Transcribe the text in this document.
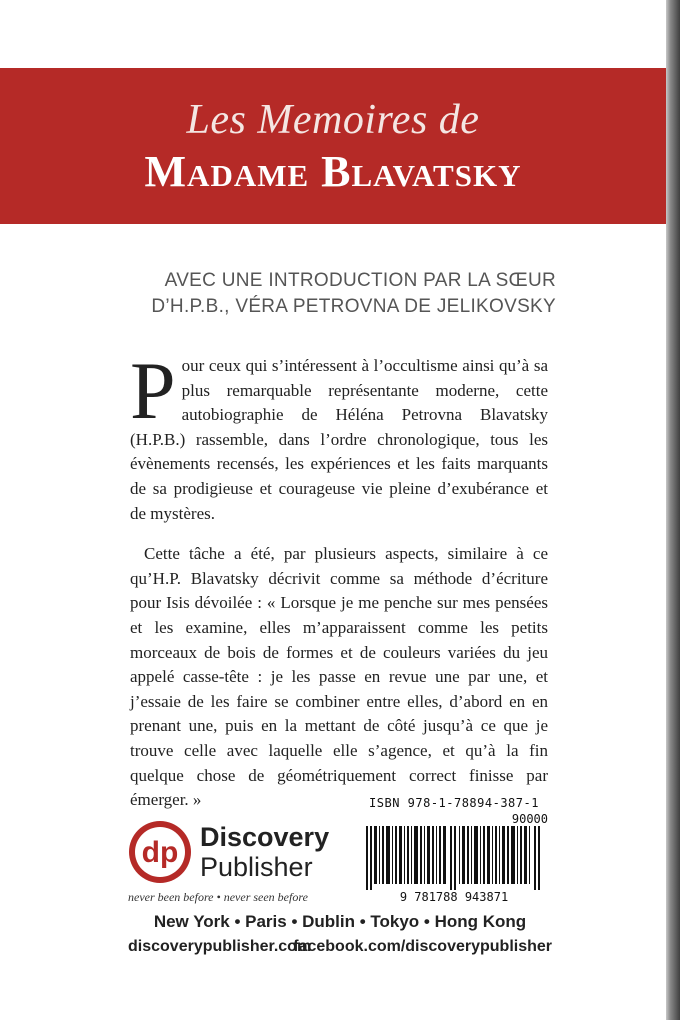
Les Memoires de
Madame Blavatsky
AVEC UNE INTRODUCTION PAR LA SŒUR
D’H.P.B., VÉRA PETROVNA DE JELIKOVSKY

Pour ceux qui s’intéressent à l’occultisme ainsi qu’à sa plus remarquable représentante moderne, cette autobiographie de Héléna Petrovna Blavatsky (H.P.B.) rassemble, dans l’ordre chronologique, tous les évènements recensés, les expériences et les faits marquants de sa prodigieuse et courageuse vie pleine d’exubérance et de mystères.

Cette tâche a été, par plusieurs aspects, similaire à ce qu’H.P. Blavatsky décrivit comme sa méthode d’écriture pour Isis dévoilée : « Lorsque je me penche sur mes pensées et les examine, elles m’apparaissent comme les petits morceaux de bois de formes et de couleurs variées du jeu appelé casse-tête : je les passe en revue une par une, et j’essaie de les faire se combiner entre elles, d’abord en en prenant une, puis en la mettant de côté jusqu’à ce que je trouve celle avec laquelle elle s’agence, et qu’à la fin quelque chose de géométriquement correct finisse par émerger. »	ISBN 978-1-78894-387-1
90000
9 781788 943871
dp Discovery
Publisher
never been before • never seen before
New York • Paris • Dublin • Tokyo • Hong Kong
discoverypublisher.com
facebook.com/discoverypublisher
